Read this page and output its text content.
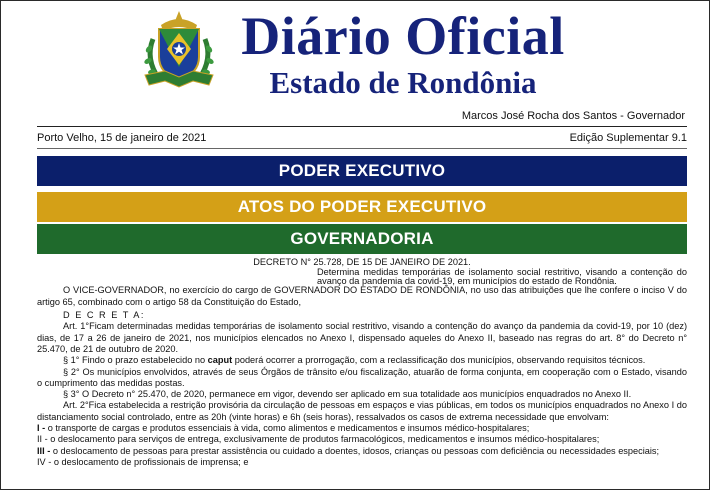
Diário Oficial
Estado de Rondônia
Marcos José Rocha dos Santos - Governador
Porto Velho, 15 de janeiro de 2021	Edição Suplementar 9.1
PODER EXECUTIVO
ATOS DO PODER EXECUTIVO
GOVERNADORIA

DECRETO N° 25.728, DE 15 DE JANEIRO DE 2021.

Determina medidas temporárias de isolamento social restritivo, visando a contenção do avanço da pandemia da covid-19, em municípios do estado de Rondônia.

O VICE-GOVERNADOR, no exercício do cargo de GOVERNADOR DO ESTADO DE RONDÔNIA, no uso das atribuições que lhe confere o inciso V do artigo 65, combinado com o artigo 58 da Constituição do Estado,

D E C R E T A:

Art. 1°Ficam determinadas medidas temporárias de isolamento social restritivo, visando a contenção do avanço da pandemia da covid-19, por 10 (dez) dias, de 17 a 26 de janeiro de 2021, nos municípios elencados no Anexo I, dispensado aqueles do Anexo II, baseado nas regras do art. 8° do Decreto n° 25.470, de 21 de outubro de 2020.

§ 1° Findo o prazo estabelecido no caput poderá ocorrer a prorrogação, com a reclassificação dos municípios, observando requisitos técnicos.

§ 2° Os municípios envolvidos, através de seus Órgãos de trânsito e/ou fiscalização, atuarão de forma conjunta, em cooperação com o Estado, visando o cumprimento das medidas postas.

§ 3° O Decreto n° 25.470, de 2020, permanece em vigor, devendo ser aplicado em sua totalidade aos municípios enquadrados no Anexo II.

Art. 2°Fica estabelecida a restrição provisória da circulação de pessoas em espaços e vias públicas, em todos os municípios enquadrados no Anexo I do distanciamento social controlado, entre as 20h (vinte horas) e 6h (seis horas), ressalvados os casos de extrema necessidade que envolvam:

I - o transporte de cargas e produtos essenciais à vida, como alimentos e medicamentos e insumos médico-hospitalares;

II - o deslocamento para serviços de entrega, exclusivamente de produtos farmacológicos, medicamentos e insumos médico-hospitalares;

III - o deslocamento de pessoas para prestar assistência ou cuidado a doentes, idosos, crianças ou pessoas com deficiência ou necessidades especiais;

IV - o deslocamento de profissionais de imprensa; e
